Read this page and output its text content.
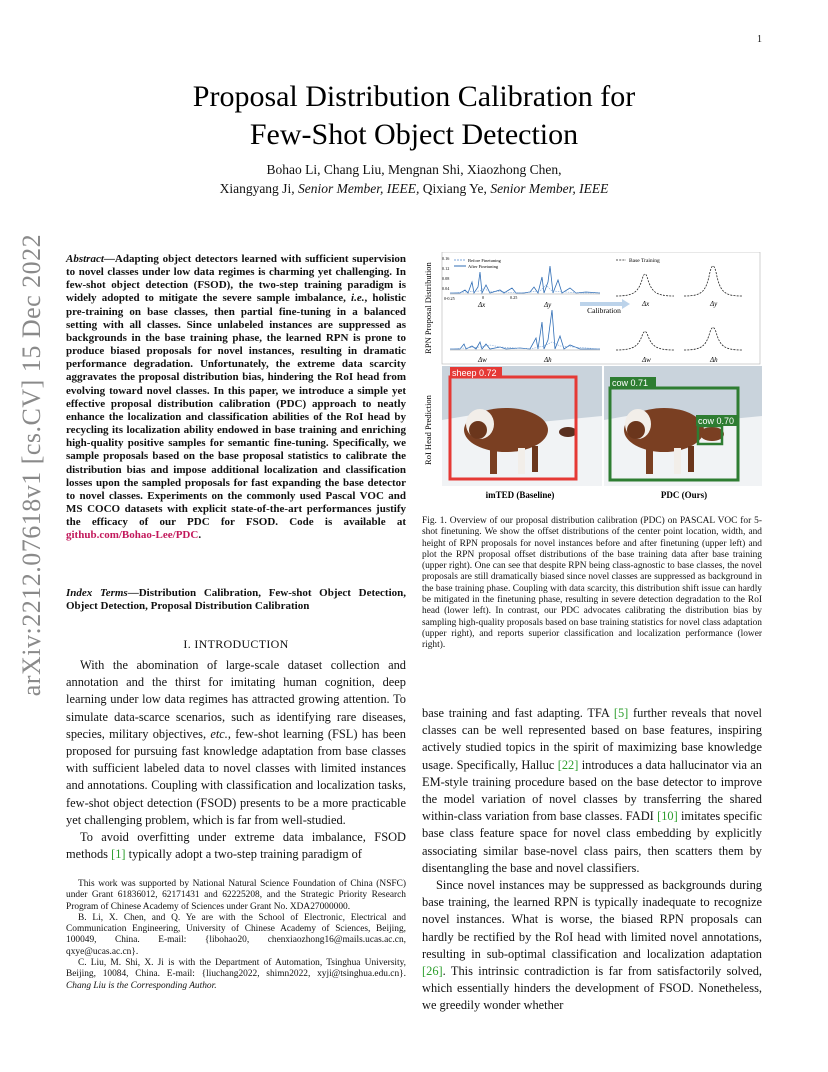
1
arXiv:2212.07618v1 [cs.CV] 15 Dec 2022
Proposal Distribution Calibration for
Few-Shot Object Detection
Bohao Li, Chang Liu, Mengnan Shi, Xiaozhong Chen,
Xiangyang Ji, Senior Member, IEEE, Qixiang Ye, Senior Member, IEEE
Abstract—Adapting object detectors learned with sufficient supervision to novel classes under low data regimes is charming yet challenging. In few-shot object detection (FSOD), the two-step training paradigm is widely adopted to mitigate the severe sample imbalance, i.e., holistic pre-training on base classes, then partial fine-tuning in a balanced setting with all classes. Since unlabeled instances are suppressed as backgrounds in the base training phase, the learned RPN is prone to produce biased proposals for novel instances, resulting in dramatic performance degradation. Unfortunately, the extreme data scarcity aggravates the proposal distribution bias, hindering the RoI head from evolving toward novel classes. In this paper, we introduce a simple yet effective proposal distribution calibration (PDC) approach to neatly enhance the localization and classification abilities of the RoI head by recycling its localization ability endowed in base training and enriching high-quality positive samples for semantic fine-tuning. Specifically, we sample proposals based on the base proposal statistics to calibrate the distribution bias and impose additional localization and classification losses upon the sampled proposals for fast expanding the base detector to novel classes. Experiments on the commonly used Pascal VOC and MS COCO datasets with explicit state-of-the-art performances justify the efficacy of our PDC for FSOD. Code is available at github.com/Bohao-Lee/PDC.
Index Terms—Distribution Calibration, Few-shot Object Detection, Object Detection, Proposal Distribution Calibration
I. INTRODUCTION

With the abomination of large-scale dataset collection and annotation and the thirst for imitating human cognition, deep learning under low data regimes has attracted growing attention. To simulate data-scarce scenarios, such as identifying rare diseases, species, military objectives, etc., few-shot learning (FSL) has been proposed for pursuing fast knowledge adaptation from base classes with sufficient labeled data to novel classes with limited instances and annotations. Coupling with classification and localization tasks, few-shot object detection (FSOD) presents to be a more practicable yet challenging problem, which is far from well-studied.

To avoid overfitting under extreme data imbalance, FSOD methods [1] typically adopt a two-step training paradigm of

This work was supported by National Natural Science Foundation of China (NSFC) under Grant 61836012, 62171431 and 62225208, and the Strategic Priority Research Program of Chinese Academy of Sciences under Grant No. XDA27000000.

B. Li, X. Chen, and Q. Ye are with the School of Electronic, Electrical and Communication Engineering, University of Chinese Academy of Sciences, Beijing, 100049, China. E-mail: {libohao20, chenxiaozhong16@mails.ucas.ac.cn, qxye@ucas.ac.cn}.

C. Liu, M. Shi, X. Ji is with the Department of Automation, Tsinghua University, Beijing, 10084, China. E-mail: {liuchang2022, shimn2022, xyji@tsinghua.edu.cn}. Chang Liu is the Corresponding Author.

RPN Proposal Distribution
RoI Head Prediction
Before Finetuning
After Finetuning
0.16
0.12
0.08
0.04
0 -0.25	0	0.25
Δx	Δy
Δw	Δh
Calibration
Base Training
Δx	Δy
Δw	Δh
sheep 0.72
cow 0.71
cow 0.70
imTED (Baseline)	PDC (Ours)
Fig. 1. Overview of our proposal distribution calibration (PDC) on PASCAL VOC for 5-shot finetuning. We show the offset distributions of the center point location, width, and height of RPN proposals for novel instances before and after finetuning (upper left) and plot the RPN proposal offset distributions of the base training data after base training (upper right). One can see that despite RPN being class-agnostic to base classes, the novel proposals are still dramatically biased since novel classes are suppressed as background in the base training phase. Coupling with data scarcity, this distribution shift issue can hardly be mitigated in the finetuning phase, resulting in severe detection degradation to the RoI head (lower left). In contrast, our PDC advocates calibrating the distribution bias by sampling high-quality proposals based on base training statistics for novel class adaptation (upper right), and reports superior classification and localization performance (lower right).

base training and fast adapting. TFA [5] further reveals that novel classes can be well represented based on base features, inspiring actively studied topics in the spirit of maximizing base knowledge usage. Specifically, Halluc [22] introduces a data hallucinator via an EM-style training procedure based on the base detector to improve the model variation of novel classes by transferring the shared within-class variation from base classes. FADI [10] imitates specific base class feature space for novel class embedding by explicitly associating similar base-novel class pairs, then scatters them by disentangling the base and novel classifiers.

Since novel instances may be suppressed as backgrounds during base training, the learned RPN is typically inadequate to recognize novel instances. What is worse, the biased RPN proposals can hardly be rectified by the RoI head with limited novel annotations, resulting in sub-optimal classification and localization adaptation [26]. This intrinsic contradiction is far from satisfactorily solved, which essentially hinders the development of FSOD. Nonetheless, we greedily wonder whether
